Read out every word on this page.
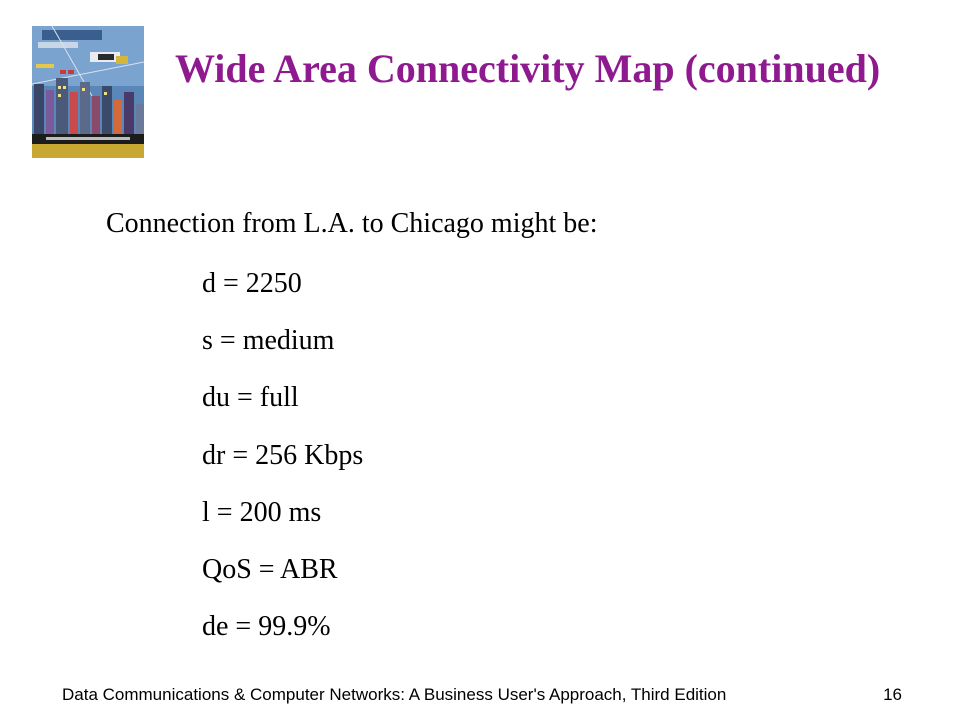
Wide Area Connectivity Map (continued)

Connection from L.A. to Chicago might be:

d = 2250
s = medium
du = full
dr = 256 Kbps
l = 200 ms
QoS = ABR
de = 99.9%
Data Communications & Computer Networks: A Business User's Approach, Third Edition	16
